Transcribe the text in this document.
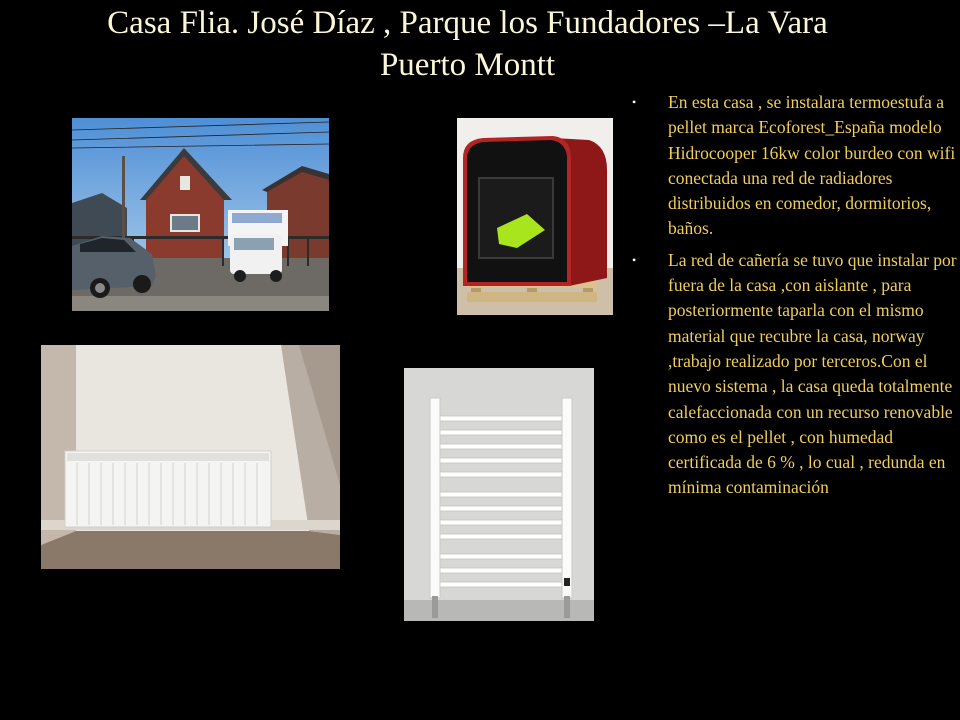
Casa Flia. José Díaz , Parque los Fundadores –La Vara
Puerto Montt
• En esta casa , se instalara termoestufa a pellet marca Ecoforest_España modelo Hidrocooper 16kw color burdeo con wifi conectada una red de radiadores distribuidos en comedor, dormitorios, baños.
• La red de cañería se tuvo que instalar por fuera de la casa ,con aislante , para posteriormente taparla con el mismo material que recubre la casa, norway ,trabajo realizado por terceros.Con el nuevo sistema , la casa queda totalmente calefaccionada con un recurso renovable como es el pellet , con humedad certificada de 6 % , lo cual , redunda en mínima contaminación
